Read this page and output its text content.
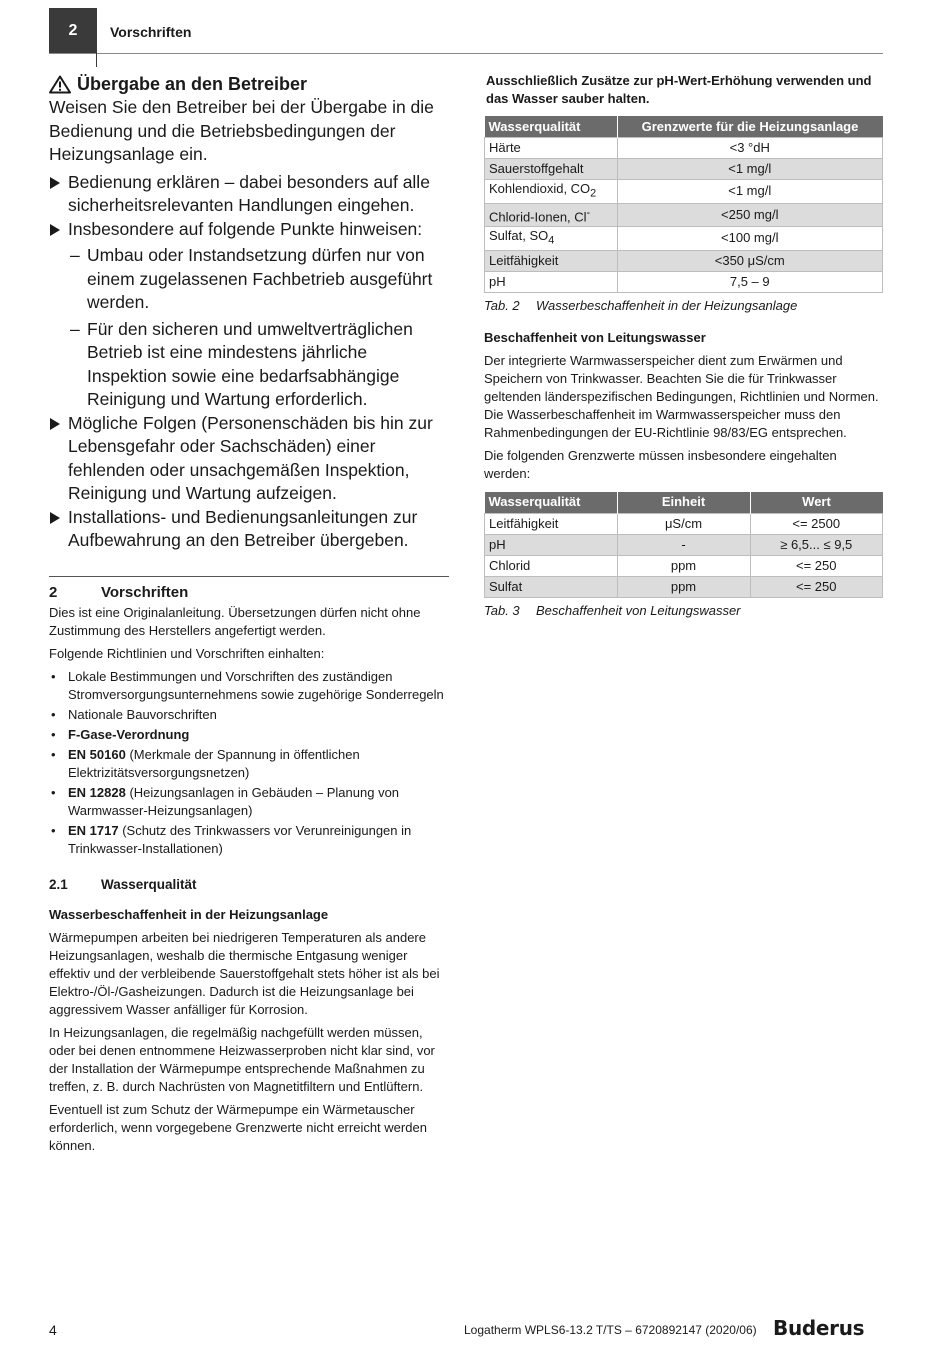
2 Vorschriften
Übergabe an den Betreiber

Weisen Sie den Betreiber bei der Übergabe in die Bedienung und die Betriebsbedingungen der Heizungsanlage ein.

Bedienung erklären – dabei besonders auf alle sicherheitsrelevanten Handlungen eingehen.
Insbesondere auf folgende Punkte hinweisen:
– Umbau oder Instandsetzung dürfen nur von einem zugelassenen Fachbetrieb ausgeführt werden.
– Für den sicheren und umweltverträglichen Betrieb ist eine mindestens jährliche Inspektion sowie eine bedarfsabhängige Reinigung und Wartung erforderlich.
Mögliche Folgen (Personenschäden bis hin zur Lebensgefahr oder Sachschäden) einer fehlenden oder unsachgemäßen Inspektion, Reinigung und Wartung aufzeigen.
Installations- und Bedienungsanleitungen zur Aufbewahrung an den Betreiber übergeben.
2	Vorschriften

Dies ist eine Originalanleitung. Übersetzungen dürfen nicht ohne Zustimmung des Herstellers angefertigt werden.

Folgende Richtlinien und Vorschriften einhalten:

• Lokale Bestimmungen und Vorschriften des zuständigen Stromversorgungsunternehmens sowie zugehörige Sonderregeln
• Nationale Bauvorschriften
• F-Gase-Verordnung
• EN 50160 (Merkmale der Spannung in öffentlichen Elektrizitätsversorgungsnetzen)
• EN 12828 (Heizungsanlagen in Gebäuden – Planung von Warmwasser-Heizungsanlagen)
• EN 1717 (Schutz des Trinkwassers vor Verunreinigungen in Trinkwasser-Installationen)
2.1	Wasserqualität

Wasserbeschaffenheit in der Heizungsanlage

Wärmepumpen arbeiten bei niedrigeren Temperaturen als andere Heizungsanlagen, weshalb die thermische Entgasung weniger effektiv und der verbleibende Sauerstoffgehalt stets höher ist als bei Elektro-/Öl-/Gasheizungen. Dadurch ist die Heizungsanlage bei aggressivem Wasser anfälliger für Korrosion.

In Heizungsanlagen, die regelmäßig nachgefüllt werden müssen, oder bei denen entnommene Heizwasserproben nicht klar sind, vor der Installation der Wärmepumpe entsprechende Maßnahmen zu treffen, z. B. durch Nachrüsten von Magnetitfiltern und Entlüftern.

Eventuell ist zum Schutz der Wärmepumpe ein Wärmetauscher erforderlich, wenn vorgegebene Grenzwerte nicht erreicht werden können.

Ausschließlich Zusätze zur pH-Wert-Erhöhung verwenden und das Wasser sauber halten.

Wasserqualität	Grenzwerte für die Heizungsanlage
Härte	<3 °dH
Sauerstoffgehalt	<1 mg/l
Kohlendioxid, $CO_2$	<1 mg/l
Chlorid-Ionen, Cl-	<250 mg/l
Sulfat, $SO_4$	<100 mg/l
Leitfähigkeit	<350 μS/cm
pH	7,5 – 9
Tab. 2	Wasserbeschaffenheit in der Heizungsanlage

Beschaffenheit von Leitungswasser

Der integrierte Warmwasserspeicher dient zum Erwärmen und Speichern von Trinkwasser. Beachten Sie die für Trinkwasser geltenden länderspezifischen Bedingungen, Richtlinien und Normen. Die Wasserbeschaffenheit im Warmwasserspeicher muss den Rahmenbedingungen der EU-Richtlinie 98/83/EG entsprechen.

Die folgenden Grenzwerte müssen insbesondere eingehalten werden:

Wasserqualität	Einheit	Wert
Leitfähigkeit	μS/cm	<= 2500
pH	-	≥ 6,5... ≤ 9,5
Chlorid	ppm	<= 250
Sulfat	ppm	<= 250
Tab. 3	Beschaffenheit von Leitungswasser
4	Logatherm WPLS6-13.2 T/TS – 6720892147 (2020/06) Buderus
